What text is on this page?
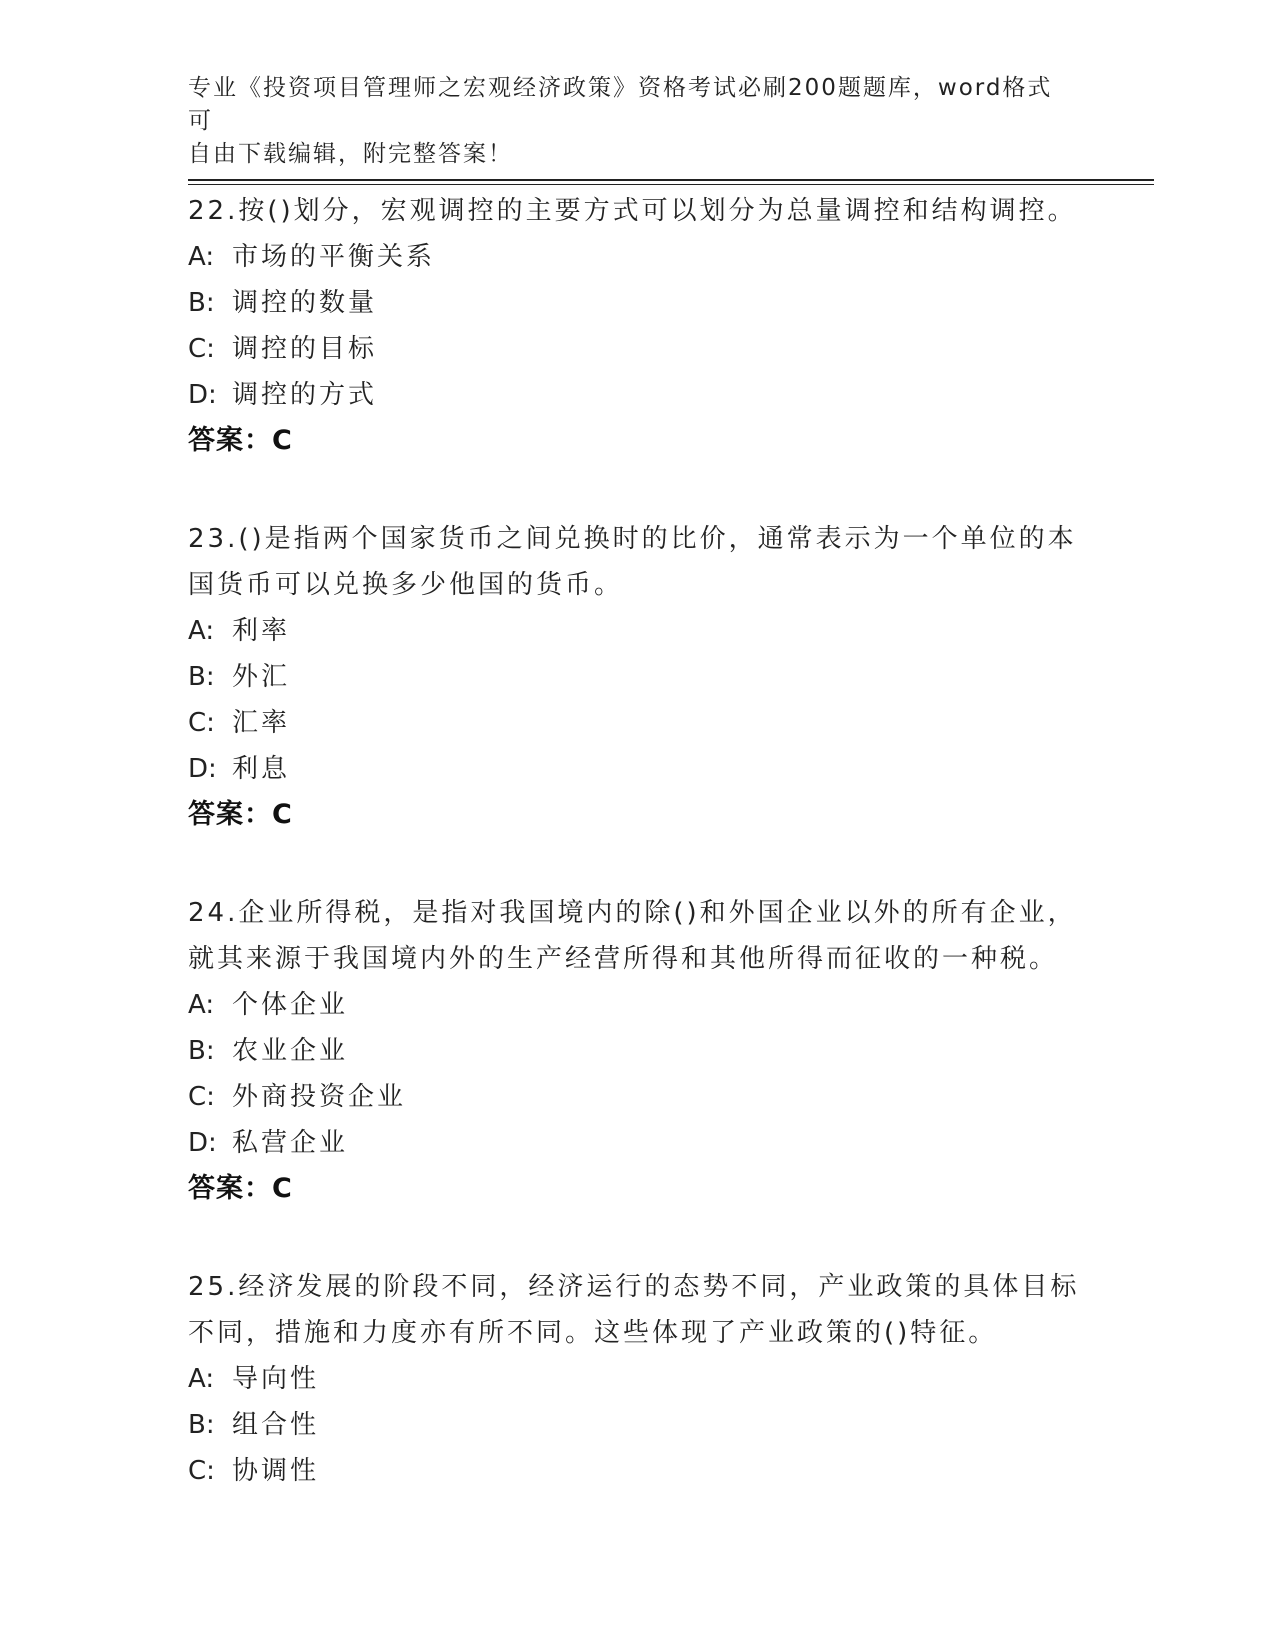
专业《投资项目管理师之宏观经济政策》资格考试必刷200题题库，word格式可
自由下载编辑，附完整答案！
22.按()划分，宏观调控的主要方式可以划分为总量调控和结构调控。
A: 市场的平衡关系
B: 调控的数量
C: 调控的目标
D: 调控的方式
答案：C
23.()是指两个国家货币之间兑换时的比价，通常表示为一个单位的本国货币可以兑换多少他国的货币。
A: 利率
B: 外汇
C: 汇率
D: 利息
答案：C
24.企业所得税，是指对我国境内的除()和外国企业以外的所有企业，就其来源于我国境内外的生产经营所得和其他所得而征收的一种税。
A: 个体企业
B: 农业企业
C: 外商投资企业
D: 私营企业
答案：C
25.经济发展的阶段不同，经济运行的态势不同，产业政策的具体目标不同，措施和力度亦有所不同。这些体现了产业政策的()特征。
A: 导向性
B: 组合性
C: 协调性
